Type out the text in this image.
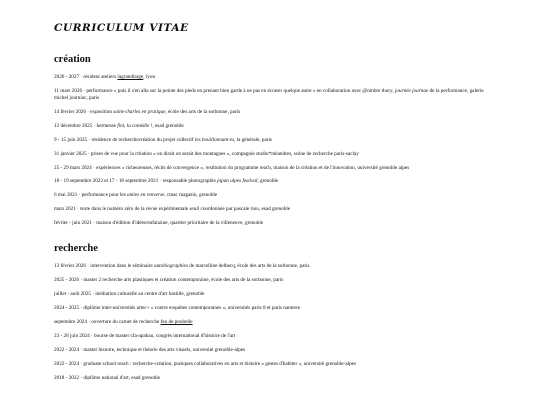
CURRICULUM VITAE
création
2026 - 2027 · résident ateliers lagrandlarge, lyon
11 mars 2026 · performance « puis il s'en alla sur la pointe des pieds en prenant bien garde à ne pas en écraser quelque autre » en collaboration avec @ombre thury, journée journue de la performance, galerie michel journiac, paris
14 février 2026 · exposition saint-charles en pratique, école des arts de la sorbonne, paris
12 décembre 2025 · kermesse fini, la comédie !, esad grenoble
9 - 15 juin 2025 · résidence de recherchecréation du projet collectif les bouillonnant·es, la générale, paris
31 janvier 2025 · prises de vue pour la création « on dirait on serait des montagnes », compagnie studio*méandres, scène de recherche paris-saclay
25 - 29 mars 2024 · expériences « richeureuses, récits de convergence », restitution du programme reach, maison de la création et de l'innovation, université grenoble alpes
18 - 19 septembre 2022 et 17 - 18 septembre 2021 · responsable photographie japan alpes festival, grenoble
6 mai 2021 · performance pour les amies en renverse, cmac magasin, grenoble
mars 2021 · texte dans le numéro zéro de la revue expérimentale seuil coordonnée par pascale riou, esad grenoble
février - juin 2021 · maison d'édition d'idées/enfanzine, quartier prioritaire de la villeneuve, grenoble
recherche
13 février 2026 · intervention dans le séminaire autobiographies de marcelline delbecq, école des arts de la sorbonne, paris
2025 - 2026 · master 2 recherche arts plastiques et création contemporaine, école des arts de la sorbonne, paris
juillet - août 2025 · médiation culturelle au centre d'art bastille, grenoble
2024 - 2025 · diplôme inter-universités artec+ « contre enquêtes contemporaines », universités paris 8 et paris nanterre
septembre 2024 · ouverture du carnet de recherche feu de poubelle
23 - 28 juin 2024 · bourse de master cfa-apahau, congrès international d'histoire de l'art
2022 - 2024 · master histoire, technique et théorie des arts visuels, université grenoble-alpes
2022 - 2024 · graduate school reach : recherche-création, pratiques collaboratives en arts et histoire « gestes d'habiter », université grenoble-alpes
2018 - 2022 · diplôme national d'art, esad grenoble
